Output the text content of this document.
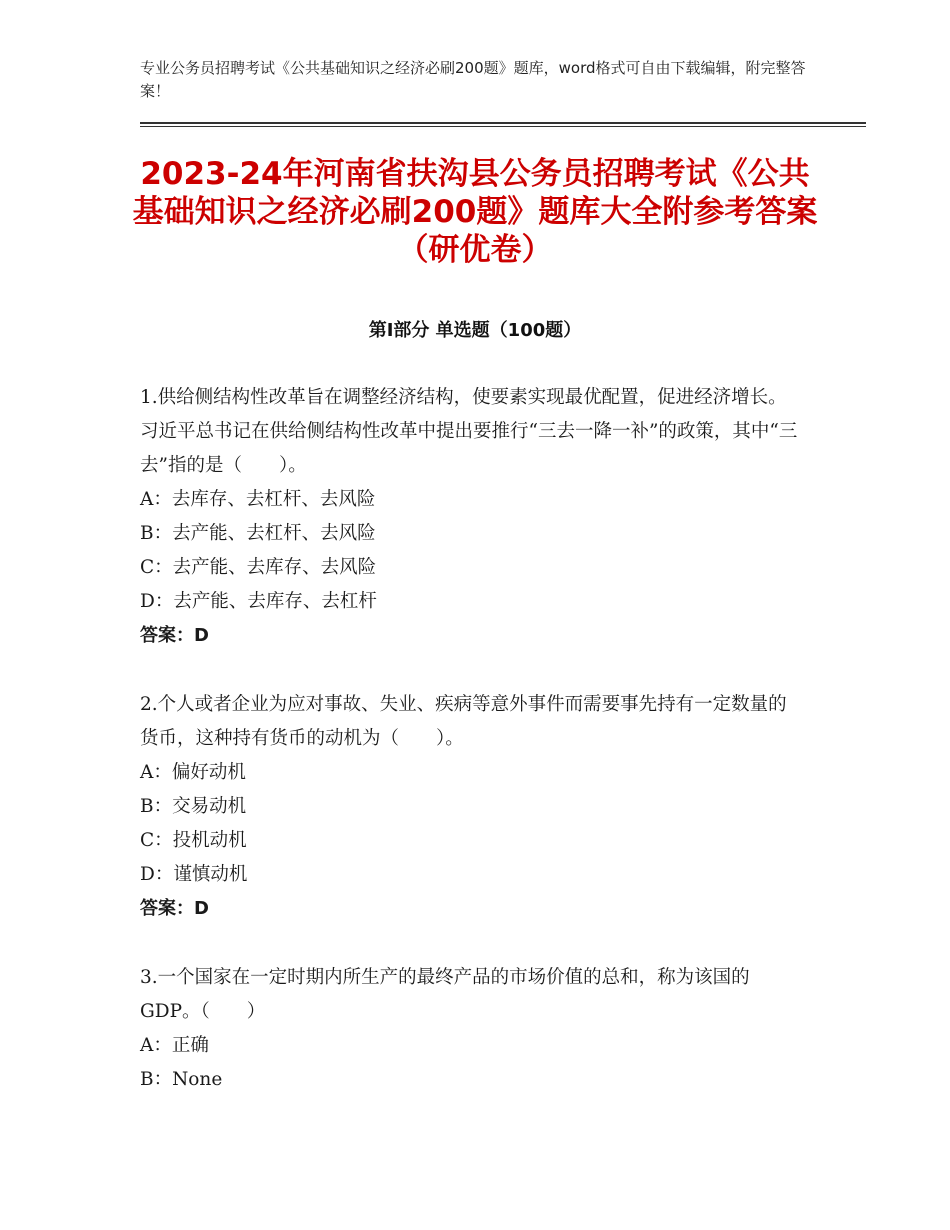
专业公务员招聘考试《公共基础知识之经济必刷200题》题库，word格式可自由下载编辑，附完整答案！
2023-24年河南省扶沟县公务员招聘考试《公共基础知识之经济必刷200题》题库大全附参考答案（研优卷）
第Ⅰ部分 单选题（100题）

1.供给侧结构性改革旨在调整经济结构，使要素实现最优配置，促进经济增长。习近平总书记在供给侧结构性改革中提出要推行“三去一降一补”的政策，其中“三去”指的是（　　）。

A：去库存、去杠杆、去风险

B：去产能、去杠杆、去风险

C：去产能、去库存、去风险

D：去产能、去库存、去杠杆

答案：D

2.个人或者企业为应对事故、失业、疾病等意外事件而需要事先持有一定数量的货币，这种持有货币的动机为（　　）。

A：偏好动机

B：交易动机

C：投机动机

D：谨慎动机

答案：D

3.一个国家在一定时期内所生产的最终产品的市场价值的总和，称为该国的GDP。（　　）

A：正确

B：None
